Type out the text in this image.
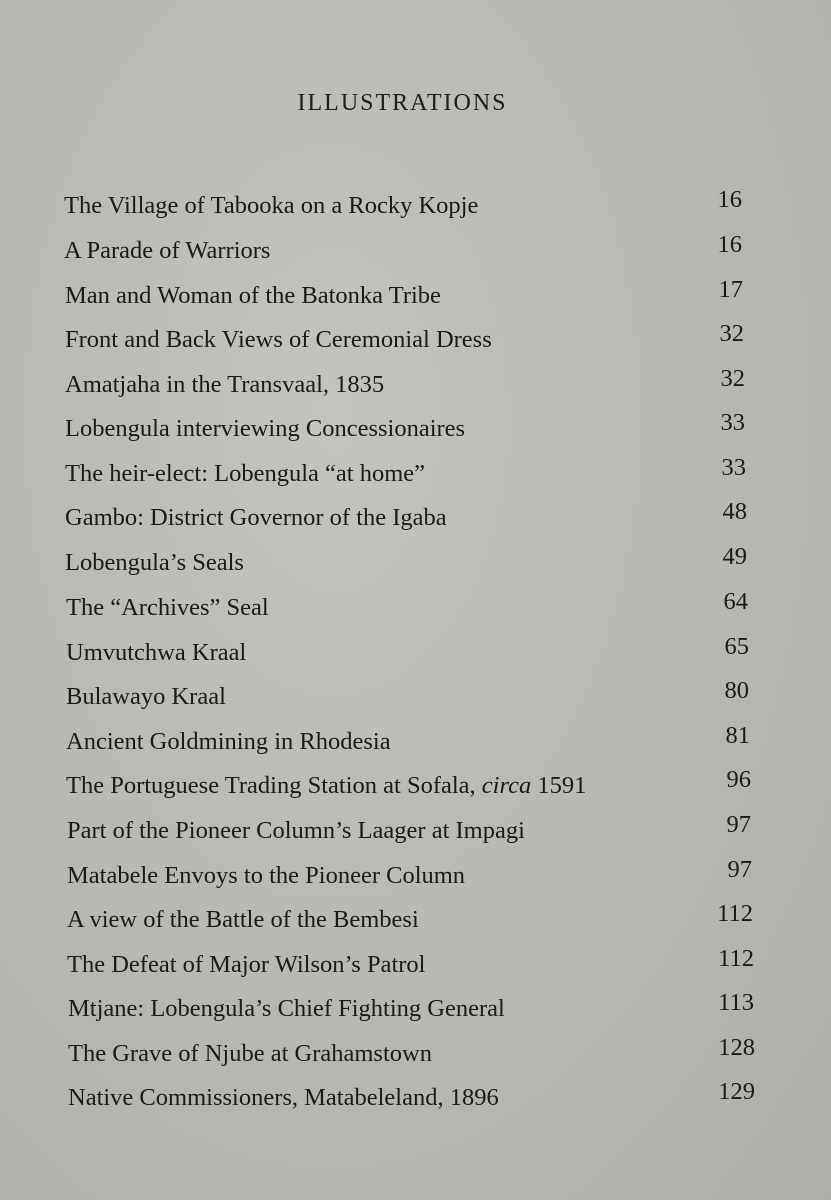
ILLUSTRATIONS
The Village of Tabooka on a Rocky Kopje	16
A Parade of Warriors	16
Man and Woman of the Batonka Tribe	17
Front and Back Views of Ceremonial Dress	32
Amatjaha in the Transvaal, 1835	32
Lobengula interviewing Concessionaires	33
The heir-elect: Lobengula “at home”	33
Gambo: District Governor of the Igaba	48
Lobengula’s Seals	49
The “Archives” Seal	64
Umvutchwa Kraal	65
Bulawayo Kraal	80
Ancient Goldmining in Rhodesia	81
The Portuguese Trading Station at Sofala, circa 1591	96
Part of the Pioneer Column’s Laager at Impagi	97
Matabele Envoys to the Pioneer Column	97
A view of the Battle of the Bembesi	112
The Defeat of Major Wilson’s Patrol	112
Mtjane: Lobengula’s Chief Fighting General	113
The Grave of Njube at Grahamstown	128
Native Commissioners, Matabeleland, 1896	129
